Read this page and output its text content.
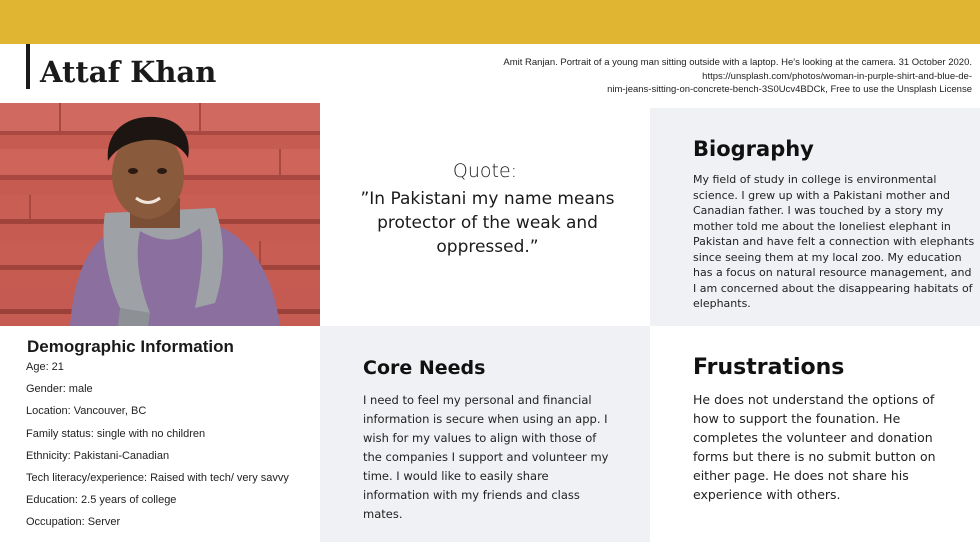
Attaf Khan	Amit Ranjan. Portrait of a young man sitting outside with a laptop. He's looking at the camera. 31 October 2020.
https://unsplash.com/photos/woman-in-purple-shirt-and-blue-de-
nim-jeans-sitting-on-concrete-bench-3S0Ucv4BDCk, Free to use the Unsplash License
Quote:
”In Pakistani my name means protector of the weak and oppressed.”
Biography

My field of study in college is environmental science. I grew up with a Pakistani mother and Canadian father. I was touched by a story my mother told me about the loneliest elephant in Pakistan and have felt a connection with elephants since seeing them at my local zoo. My education has a focus on natural resource management, and I am concerned about the disappearing habitats of elephants.

Demographic Information
Age: 21
Gender: male
Location: Vancouver, BC
Family status: single with no children
Ethnicity: Pakistani-Canadian
Tech literacy/experience: Raised with tech/ very savvy
Education: 2.5 years of college
Occupation: Server
Core Needs

I need to feel my personal and financial information is secure when using an app. I wish for my values to align with those of the companies I support and volunteer my time. I would like to easily share information with my friends and class mates.

Frustrations

He does not understand the options of how to support the founation. He completes the volunteer and donation forms but there is no submit button on either page. He does not share his experience with others.
